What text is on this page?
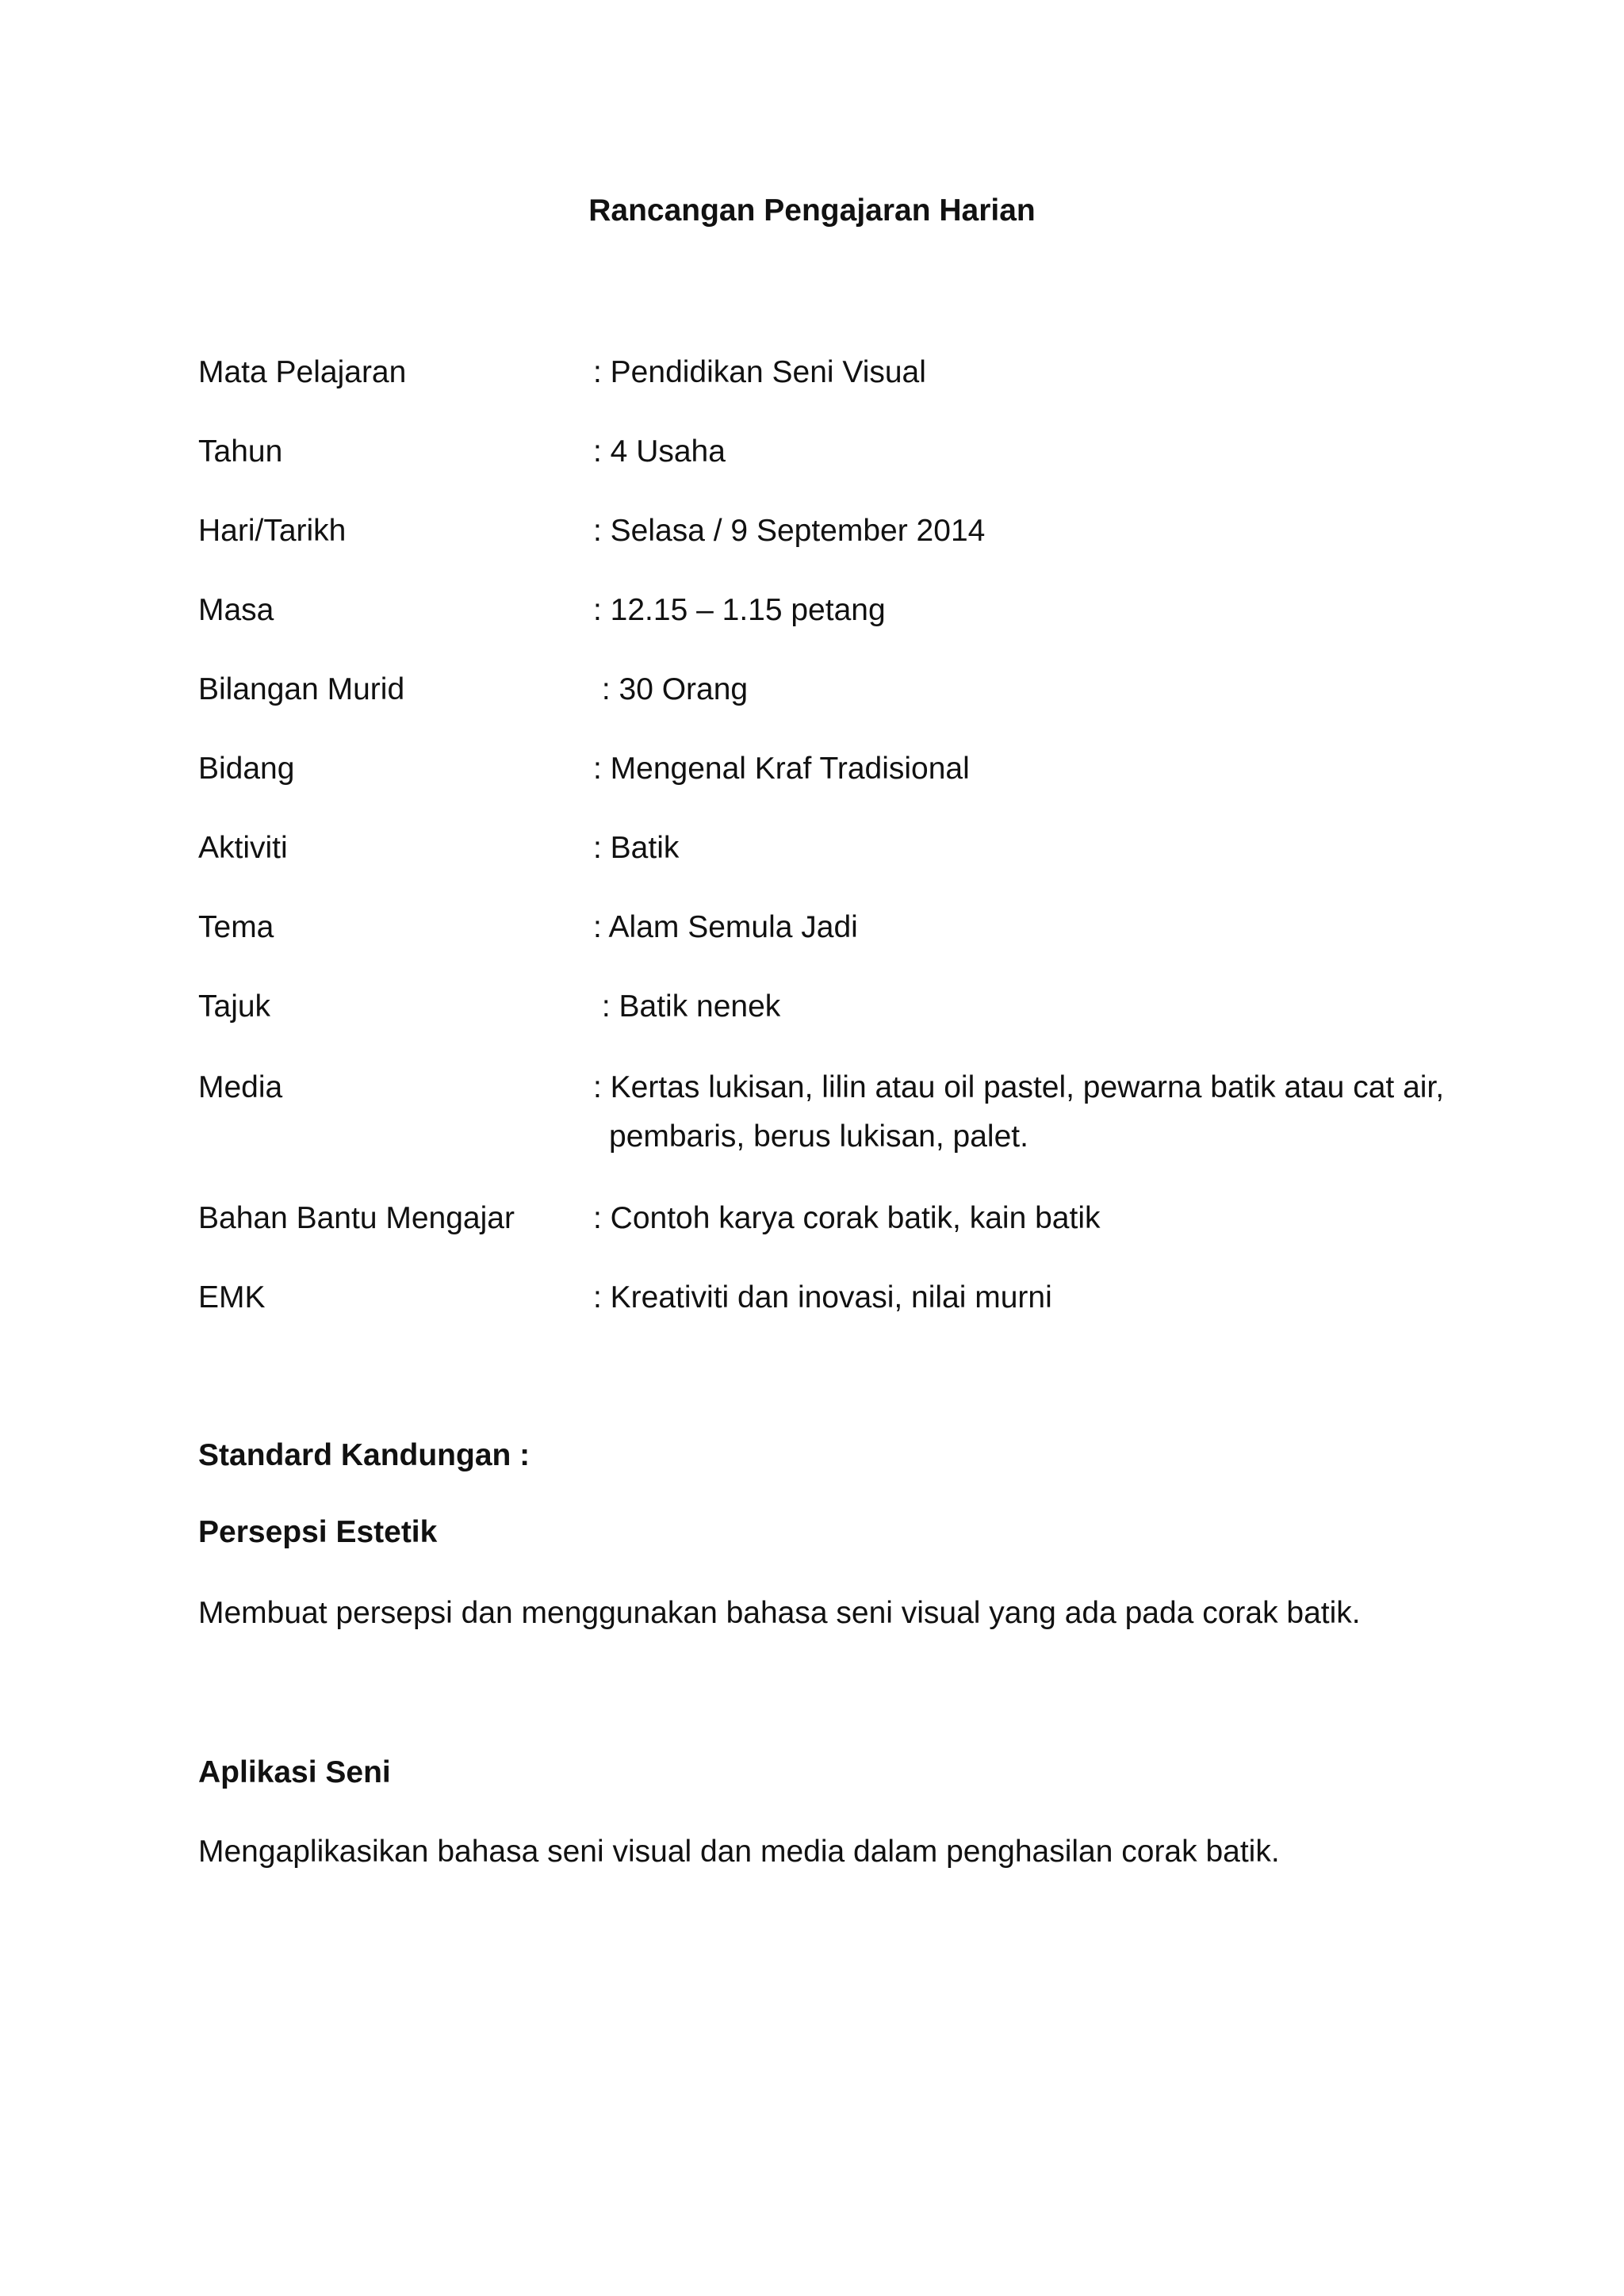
Rancangan Pengajaran Harian
Mata Pelajaran	: Pendidikan Seni Visual
Tahun	: 4 Usaha
Hari/Tarikh	: Selasa / 9 September 2014
Masa	: 12.15 – 1.15 petang
Bilangan Murid	: 30 Orang
Bidang	: Mengenal Kraf Tradisional
Aktiviti	: Batik
Tema	: Alam Semula Jadi
Tajuk	: Batik nenek
Media	: Kertas lukisan, lilin atau oil pastel, pewarna batik atau cat air,
pembaris, berus lukisan, palet.
Bahan Bantu Mengajar	: Contoh karya corak batik, kain batik
EMK	: Kreativiti dan inovasi, nilai murni
Standard Kandungan :
Persepsi Estetik
Membuat persepsi dan menggunakan bahasa seni visual yang ada pada corak batik.
Aplikasi Seni
Mengaplikasikan bahasa seni visual dan media dalam penghasilan corak batik.
